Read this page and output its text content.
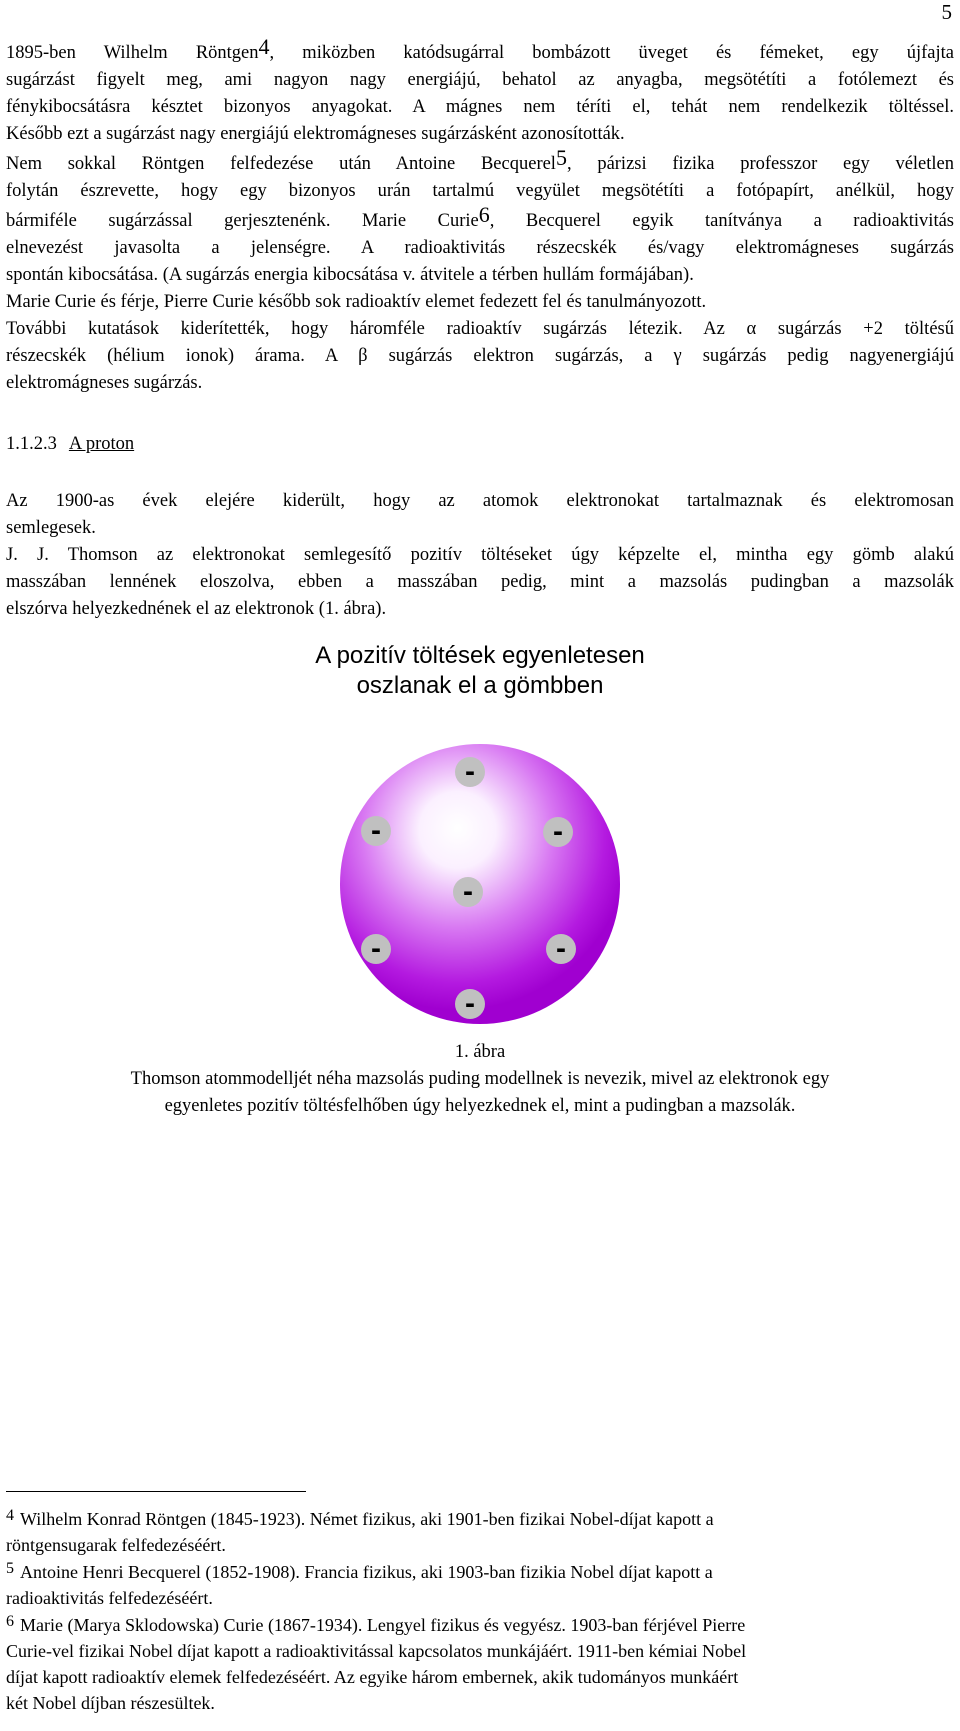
5
1895-ben Wilhelm Röntgen4, miközben katódsugárral bombázott üveget és fémeket, egy újfajta
sugárzást figyelt meg, ami nagyon nagy energiájú, behatol az anyagba, megsötétíti a fotólemezt és
fénykibocsátásra késztet bizonyos anyagokat. A mágnes nem téríti el, tehát nem rendelkezik töltéssel.
Később ezt a sugárzást nagy energiájú elektromágneses sugárzásként azonosították.
Nem sokkal Röntgen felfedezése után Antoine Becquerel5, párizsi fizika professzor egy véletlen
folytán észrevette, hogy egy bizonyos urán tartalmú vegyület megsötétíti a fotópapírt, anélkül, hogy
bármiféle sugárzással gerjesztenénk. Marie Curie6, Becquerel egyik tanítványa a radioaktivitás
elnevezést javasolta a jelenségre. A radioaktivitás részecskék és/vagy elektromágneses sugárzás
spontán kibocsátása. (A sugárzás energia kibocsátása v. átvitele a térben hullám formájában).
Marie Curie és férje, Pierre Curie később sok radioaktív elemet fedezett fel és tanulmányozott.
További kutatások kiderítették, hogy háromféle radioaktív sugárzás létezik. Az α sugárzás +2 töltésű
részecskék (hélium ionok) árama. A β sugárzás elektron sugárzás, a γ sugárzás pedig nagyenergiájú
elektromágneses sugárzás.
1.1.2.3 A proton
Az 1900-as évek elejére kiderült, hogy az atomok elektronokat tartalmaznak és elektromosan
semlegesek.
J. J. Thomson az elektronokat semlegesítő pozitív töltéseket úgy képzelte el, mintha egy gömb alakú
masszában lennének eloszolva, ebben a masszában pedig, mint a mazsolás pudingban a mazsolák
elszórva helyezkednének el az elektronok (1. ábra).
A pozitív töltések egyenletesen
oszlanak el a gömbben
-
-	-
-
-	-
-
1. ábra
Thomson atommodelljét néha mazsolás puding modellnek is nevezik, mivel az elektronok egy
egyenletes pozitív töltésfelhőben úgy helyezkednek el, mint a pudingban a mazsolák.
4 Wilhelm Konrad Röntgen (1845-1923). Német fizikus, aki 1901-ben fizikai Nobel-díjat kapott a
röntgensugarak felfedezéséért.
5 Antoine Henri Becquerel (1852-1908). Francia fizikus, aki 1903-ban fizikia Nobel díjat kapott a
radioaktivitás felfedezéséért.
6 Marie (Marya Sklodowska) Curie (1867-1934). Lengyel fizikus és vegyész. 1903-ban férjével Pierre
Curie-vel fizikai Nobel díjat kapott a radioaktivitással kapcsolatos munkájáért. 1911-ben kémiai Nobel
díjat kapott radioaktív elemek felfedezéséért. Az egyike három embernek, akik tudományos munkáért
két Nobel díjban részesültek.
